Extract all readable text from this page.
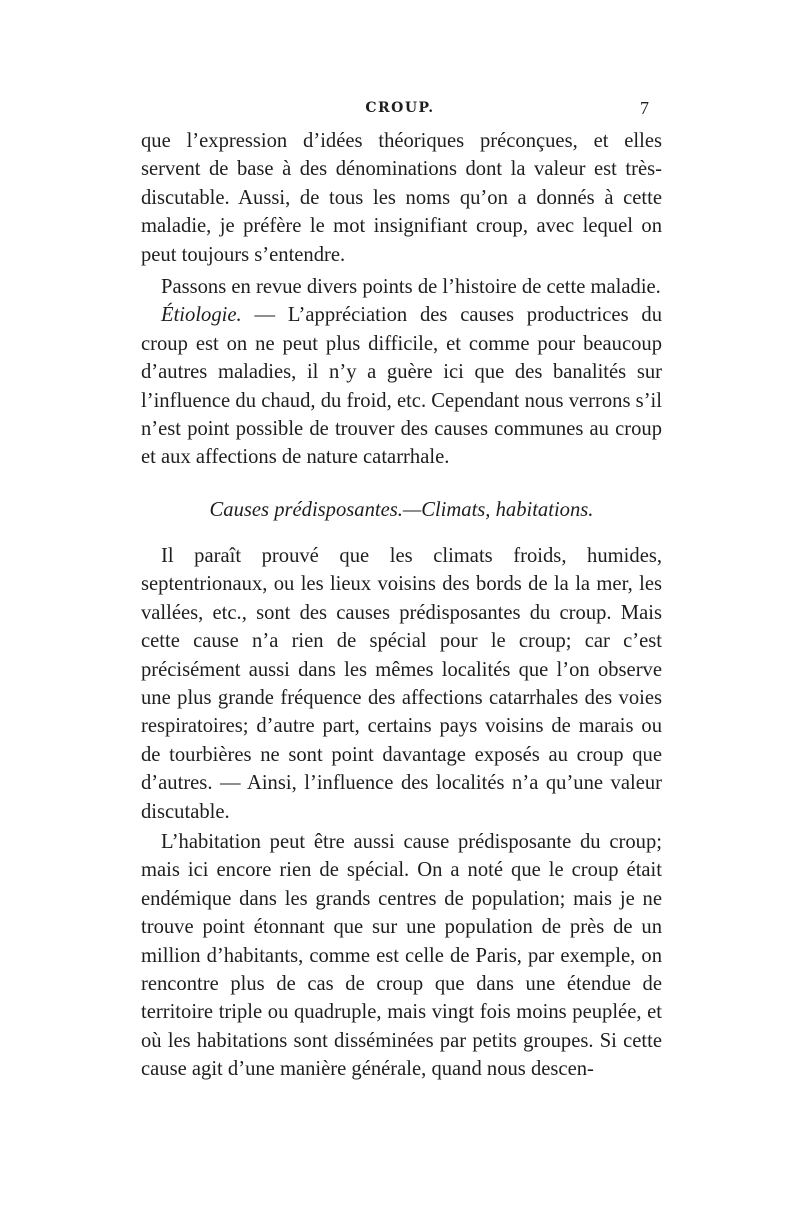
CROUP.	7

que l’expression d’idées théoriques préconçues, et elles servent de base à des dénominations dont la valeur est très-discutable. Aussi, de tous les noms qu’on a donnés à cette maladie, je préfère le mot insignifiant croup, avec lequel on peut toujours s’entendre.

Passons en revue divers points de l’histoire de cette maladie.

Étiologie. — L’appréciation des causes productrices du croup est on ne peut plus difficile, et comme pour beaucoup d’autres maladies, il n’y a guère ici que des banalités sur l’influence du chaud, du froid, etc. Cependant nous verrons s’il n’est point possible de trouver des causes communes au croup et aux affections de nature catarrhale.

Causes prédisposantes.—Climats, habitations.

Il paraît prouvé que les climats froids, humides, septentrionaux, ou les lieux voisins des bords de la la mer, les vallées, etc., sont des causes prédisposantes du croup. Mais cette cause n’a rien de spécial pour le croup; car c’est précisément aussi dans les mêmes localités que l’on observe une plus grande fréquence des affections catarrhales des voies respiratoires; d’autre part, certains pays voisins de marais ou de tourbières ne sont point davantage exposés au croup que d’autres. — Ainsi, l’influence des localités n’a qu’une valeur discutable.

L’habitation peut être aussi cause prédisposante du croup; mais ici encore rien de spécial. On a noté que le croup était endémique dans les grands centres de population; mais je ne trouve point étonnant que sur une population de près de un million d’habitants, comme est celle de Paris, par exemple, on rencontre plus de cas de croup que dans une étendue de territoire triple ou quadruple, mais vingt fois moins peuplée, et où les habitations sont disséminées par petits groupes. Si cette cause agit d’une manière générale, quand nous descen-
